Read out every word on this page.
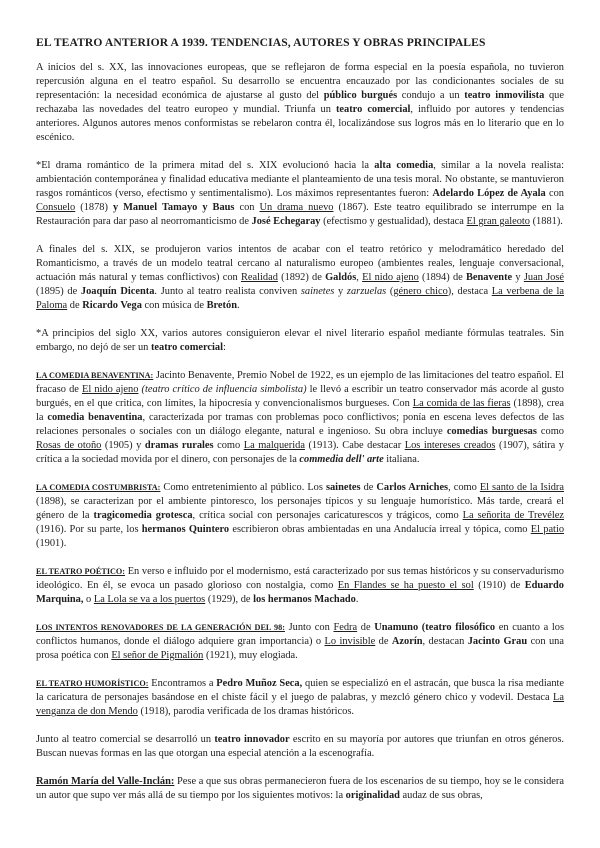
EL TEATRO ANTERIOR A 1939. TENDENCIAS, AUTORES Y OBRAS PRINCIPALES

A inicios del s. XX, las innovaciones europeas, que se reflejaron de forma especial en la poesía española, no tuvieron repercusión alguna en el teatro español. Su desarrollo se encuentra encauzado por las condicionantes sociales de su representación: la necesidad económica de ajustarse al gusto del público burgués condujo a un teatro inmovilista que rechazaba las novedades del teatro europeo y mundial. Triunfa un teatro comercial, influido por autores y tendencias anteriores. Algunos autores menos conformistas se rebelaron contra él, localizándose sus logros más en lo literario que en lo escénico.

*El drama romántico de la primera mitad del s. XIX evolucionó hacia la alta comedia, similar a la novela realista: ambientación contemporánea y finalidad educativa mediante el planteamiento de una tesis moral. No obstante, se mantuvieron rasgos románticos (verso, efectismo y sentimentalismo). Los máximos representantes fueron: Adelardo López de Ayala con Consuelo (1878) y Manuel Tamayo y Baus con Un drama nuevo (1867). Este teatro equilibrado se interrumpe en la Restauración para dar paso al neorromanticismo de José Echegaray (efectismo y gestualidad), destaca El gran galeoto (1881).

A finales del s. XIX, se produjeron varios intentos de acabar con el teatro retórico y melodramático heredado del Romanticismo, a través de un modelo teatral cercano al naturalismo europeo (ambientes reales, lenguaje conversacional, actuación más natural y temas conflictivos) con Realidad (1892) de Galdós, El nido ajeno (1894) de Benavente y Juan José (1895) de Joaquín Dicenta. Junto al teatro realista conviven sainetes y zarzuelas (género chico), destaca La verbena de la Paloma de Ricardo Vega con música de Bretón.

*A principios del siglo XX, varios autores consiguieron elevar el nivel literario español mediante fórmulas teatrales. Sin embargo, no dejó de ser un teatro comercial:

LA COMEDIA BENAVENTINA: Jacinto Benavente, Premio Nobel de 1922, es un ejemplo de las limitaciones del teatro español. El fracaso de El nido ajeno (teatro crítico de influencia simbolista) le llevó a escribir un teatro conservador más acorde al gusto burgués, en el que critica, con límites, la hipocresía y convencionalismos burgueses. Con La comida de las fieras (1898), crea la comedia benaventina, caracterizada por tramas con problemas poco conflictivos; ponía en escena leves defectos de las relaciones personales o sociales con un diálogo elegante, natural e ingenioso. Su obra incluye comedias burguesas como Rosas de otoño (1905) y dramas rurales como La malquerida (1913). Cabe destacar Los intereses creados (1907), sátira y crítica a la sociedad movida por el dinero, con personajes de la commedia dell' arte italiana.

LA COMEDIA COSTUMBRISTA: Como entretenimiento al público. Los sainetes de Carlos Arniches, como El santo de la Isidra (1898), se caracterizan por el ambiente pintoresco, los personajes típicos y su lenguaje humorístico. Más tarde, creará el género de la tragicomedia grotesca, crítica social con personajes caricaturescos y trágicos, como La señorita de Trevélez (1916). Por su parte, los hermanos Quintero escribieron obras ambientadas en una Andalucía irreal y tópica, como El patio (1901).

EL TEATRO POÉTICO: En verso e influido por el modernismo, está caracterizado por sus temas históricos y su conservadurismo ideológico. En él, se evoca un pasado glorioso con nostalgia, como En Flandes se ha puesto el sol (1910) de Eduardo Marquina, o La Lola se va a los puertos (1929), de los hermanos Machado.

LOS INTENTOS RENOVADORES DE LA GENERACIÓN DEL 98: Junto con Fedra de Unamuno (teatro filosófico en cuanto a los conflictos humanos, donde el diálogo adquiere gran importancia) o Lo invisible de Azorín, destacan Jacinto Grau con una prosa poética con El señor de Pigmalión (1921), muy elogiada.

EL TEATRO HUMORÍSTICO: Encontramos a Pedro Muñoz Seca, quien se especializó en el astracán, que busca la risa mediante la caricatura de personajes basándose en el chiste fácil y el juego de palabras, y mezcló género chico y vodevil. Destaca La venganza de don Mendo (1918), parodia verificada de los dramas históricos.

Junto al teatro comercial se desarrolló un teatro innovador escrito en su mayoría por autores que triunfan en otros géneros. Buscan nuevas formas en las que otorgan una especial atención a la escenografía.

Ramón María del Valle-Inclán: Pese a que sus obras permanecieron fuera de los escenarios de su tiempo, hoy se le considera un autor que supo ver más allá de su tiempo por los siguientes motivos: la originalidad audaz de sus obras,
